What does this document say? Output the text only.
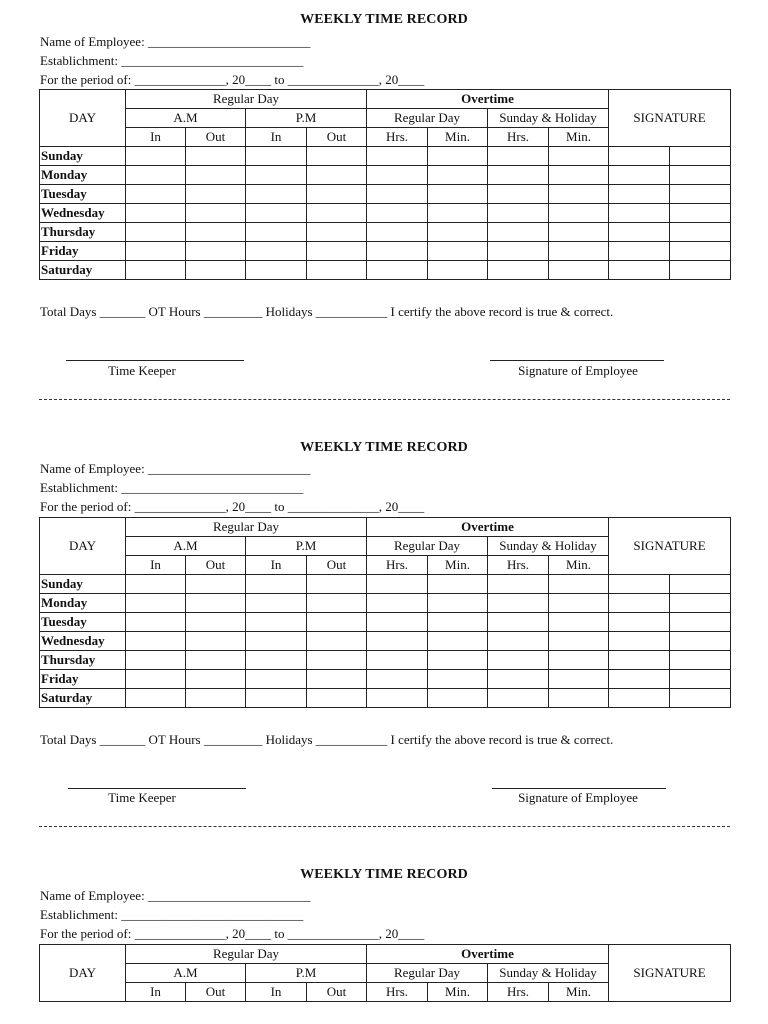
WEEKLY TIME RECORD
Name of Employee: _________________________
Establichment: ____________________________
For the period of: ______________, 20____ to ______________, 20____
DAY	Regular Day				Overtime				SIGNATURE	
	A.M		P.M		Regular Day		Sunday & Holiday			
	In	Out	In	Out	Hrs.	Min.	Hrs.	Min.		
Sunday										
Monday										
Tuesday										
Wednesday										
Thursday										
Friday										
Saturday										
Total Days _______ OT Hours _________ Holidays ___________ I certify the above record is true & correct.
Time Keeper	Signature of Employee
WEEKLY TIME RECORD
Name of Employee: _________________________
Establichment: ____________________________
For the period of: ______________, 20____ to ______________, 20____
DAY	Regular Day				Overtime				SIGNATURE	
	A.M		P.M		Regular Day		Sunday & Holiday			
	In	Out	In	Out	Hrs.	Min.	Hrs.	Min.		
Sunday										
Monday										
Tuesday										
Wednesday										
Thursday										
Friday										
Saturday										
Total Days _______ OT Hours _________ Holidays ___________ I certify the above record is true & correct.
Time Keeper	Signature of Employee
WEEKLY TIME RECORD
Name of Employee: _________________________
Establichment: ____________________________
For the period of: ______________, 20____ to ______________, 20____
DAY	Regular Day				Overtime				SIGNATURE
	A.M		P.M		Regular Day		Sunday & Holiday		
	In	Out	In	Out	Hrs.	Min.	Hrs.	Min.	
